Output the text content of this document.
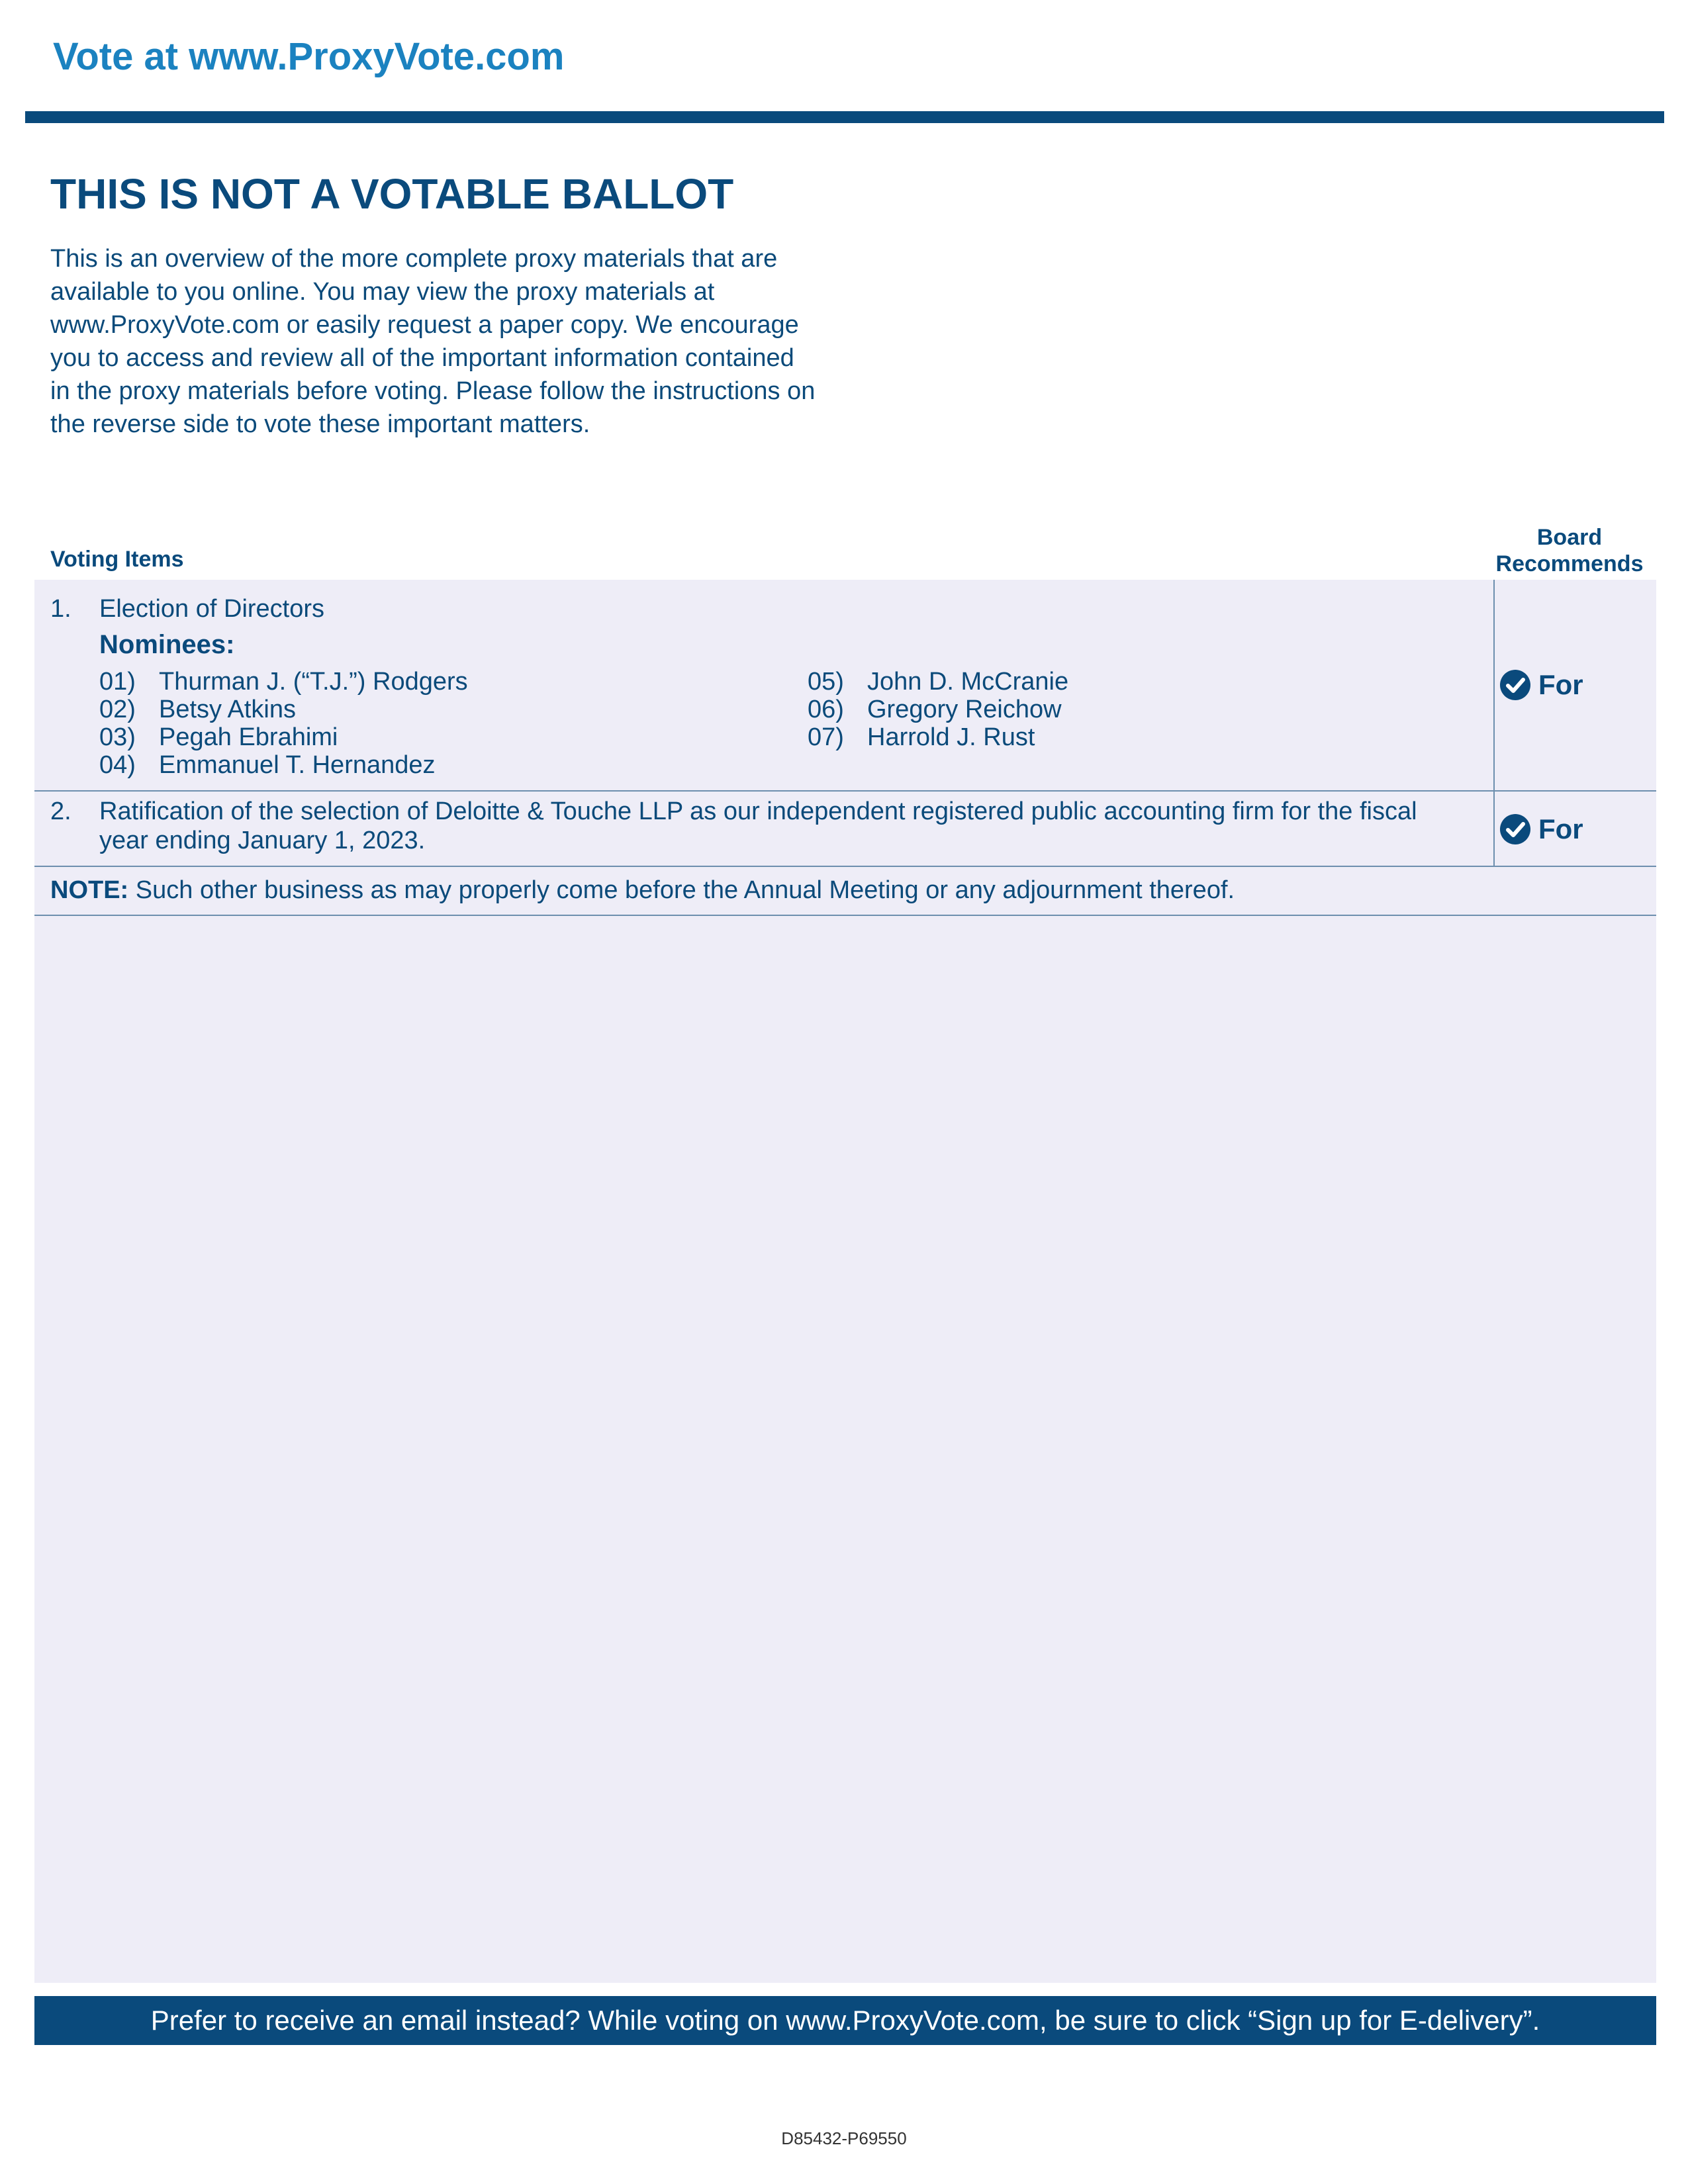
Vote at www.ProxyVote.com
THIS IS NOT A VOTABLE BALLOT

This is an overview of the more complete proxy materials that are available to you online. You may view the proxy materials at www.ProxyVote.com or easily request a paper copy. We encourage you to access and review all of the important information contained in the proxy materials before voting. Please follow the instructions on the reverse side to vote these important matters.

Voting Items
Board
Recommends
1. Election of Directors
Nominees:
01) Thurman J. (“T.J.”) Rodgers
02) Betsy Atkins
03) Pegah Ebrahimi
04) Emmanuel T. Hernandez
05) John D. McCranie
06) Gregory Reichow
07) Harrold J. Rust
For
2. Ratification of the selection of Deloitte & Touche LLP as our independent registered public accounting firm for the fiscal
year ending January 1, 2023.	For
NOTE: Such other business as may properly come before the Annual Meeting or any adjournment thereof.
Prefer to receive an email instead? While voting on www.ProxyVote.com, be sure to click “Sign up for E-delivery”.
D85432-P69550
